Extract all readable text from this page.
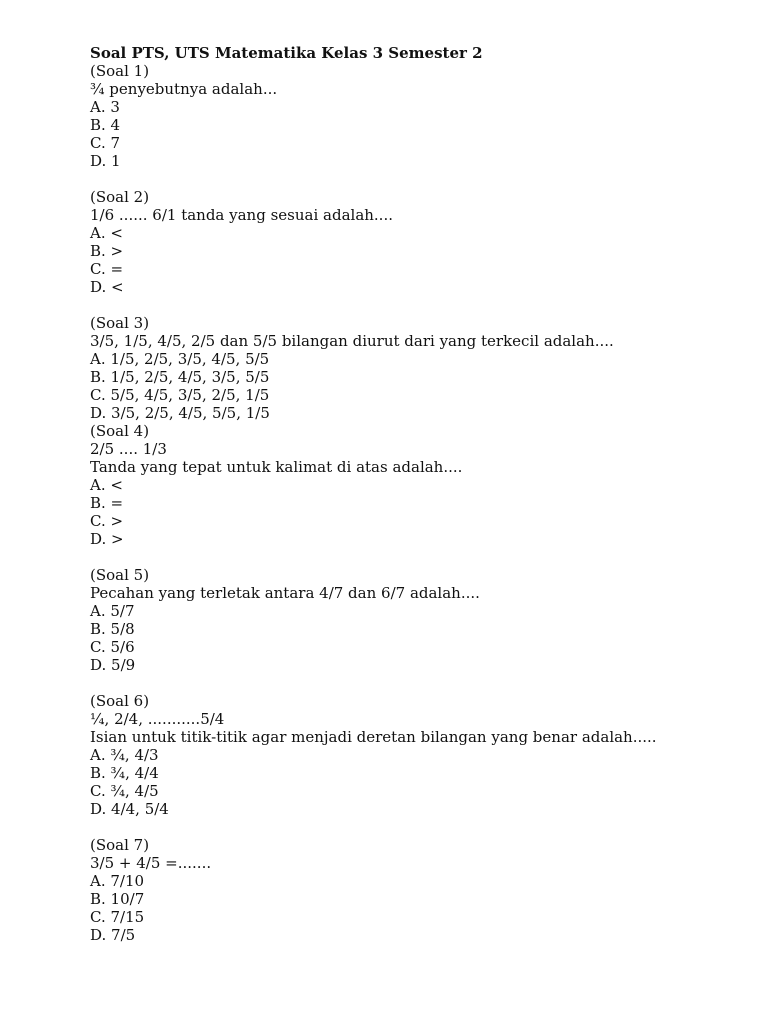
Soal PTS, UTS Matematika Kelas 3 Semester 2
(Soal 1)
¾ penyebutnya adalah...
A. 3
B. 4
C. 7
D. 1
(Soal 2)
1/6 ...... 6/1 tanda yang sesuai adalah....
A. <
B. >
C. =
D. <
(Soal 3)
3/5, 1/5, 4/5, 2/5 dan 5/5 bilangan diurut dari yang terkecil adalah....
A. 1/5, 2/5, 3/5, 4/5, 5/5
B. 1/5, 2/5, 4/5, 3/5, 5/5
C. 5/5, 4/5, 3/5, 2/5, 1/5
D. 3/5, 2/5, 4/5, 5/5, 1/5
(Soal 4)
2/5 .... 1/3
Tanda yang tepat untuk kalimat di atas adalah....
A. <
B. =
C. >
D. >
(Soal 5)
Pecahan yang terletak antara 4/7 dan 6/7 adalah....
A. 5/7
B. 5/8
C. 5/6
D. 5/9
(Soal 6)
¼, 2/4, ...........5/4
Isian untuk titik-titik agar menjadi deretan bilangan yang benar adalah.....
A. ¾, 4/3
B. ¾, 4/4
C. ¾, 4/5
D. 4/4, 5/4
(Soal 7)
3/5 + 4/5 =.......
A. 7/10
B. 10/7
C. 7/15
D. 7/5
